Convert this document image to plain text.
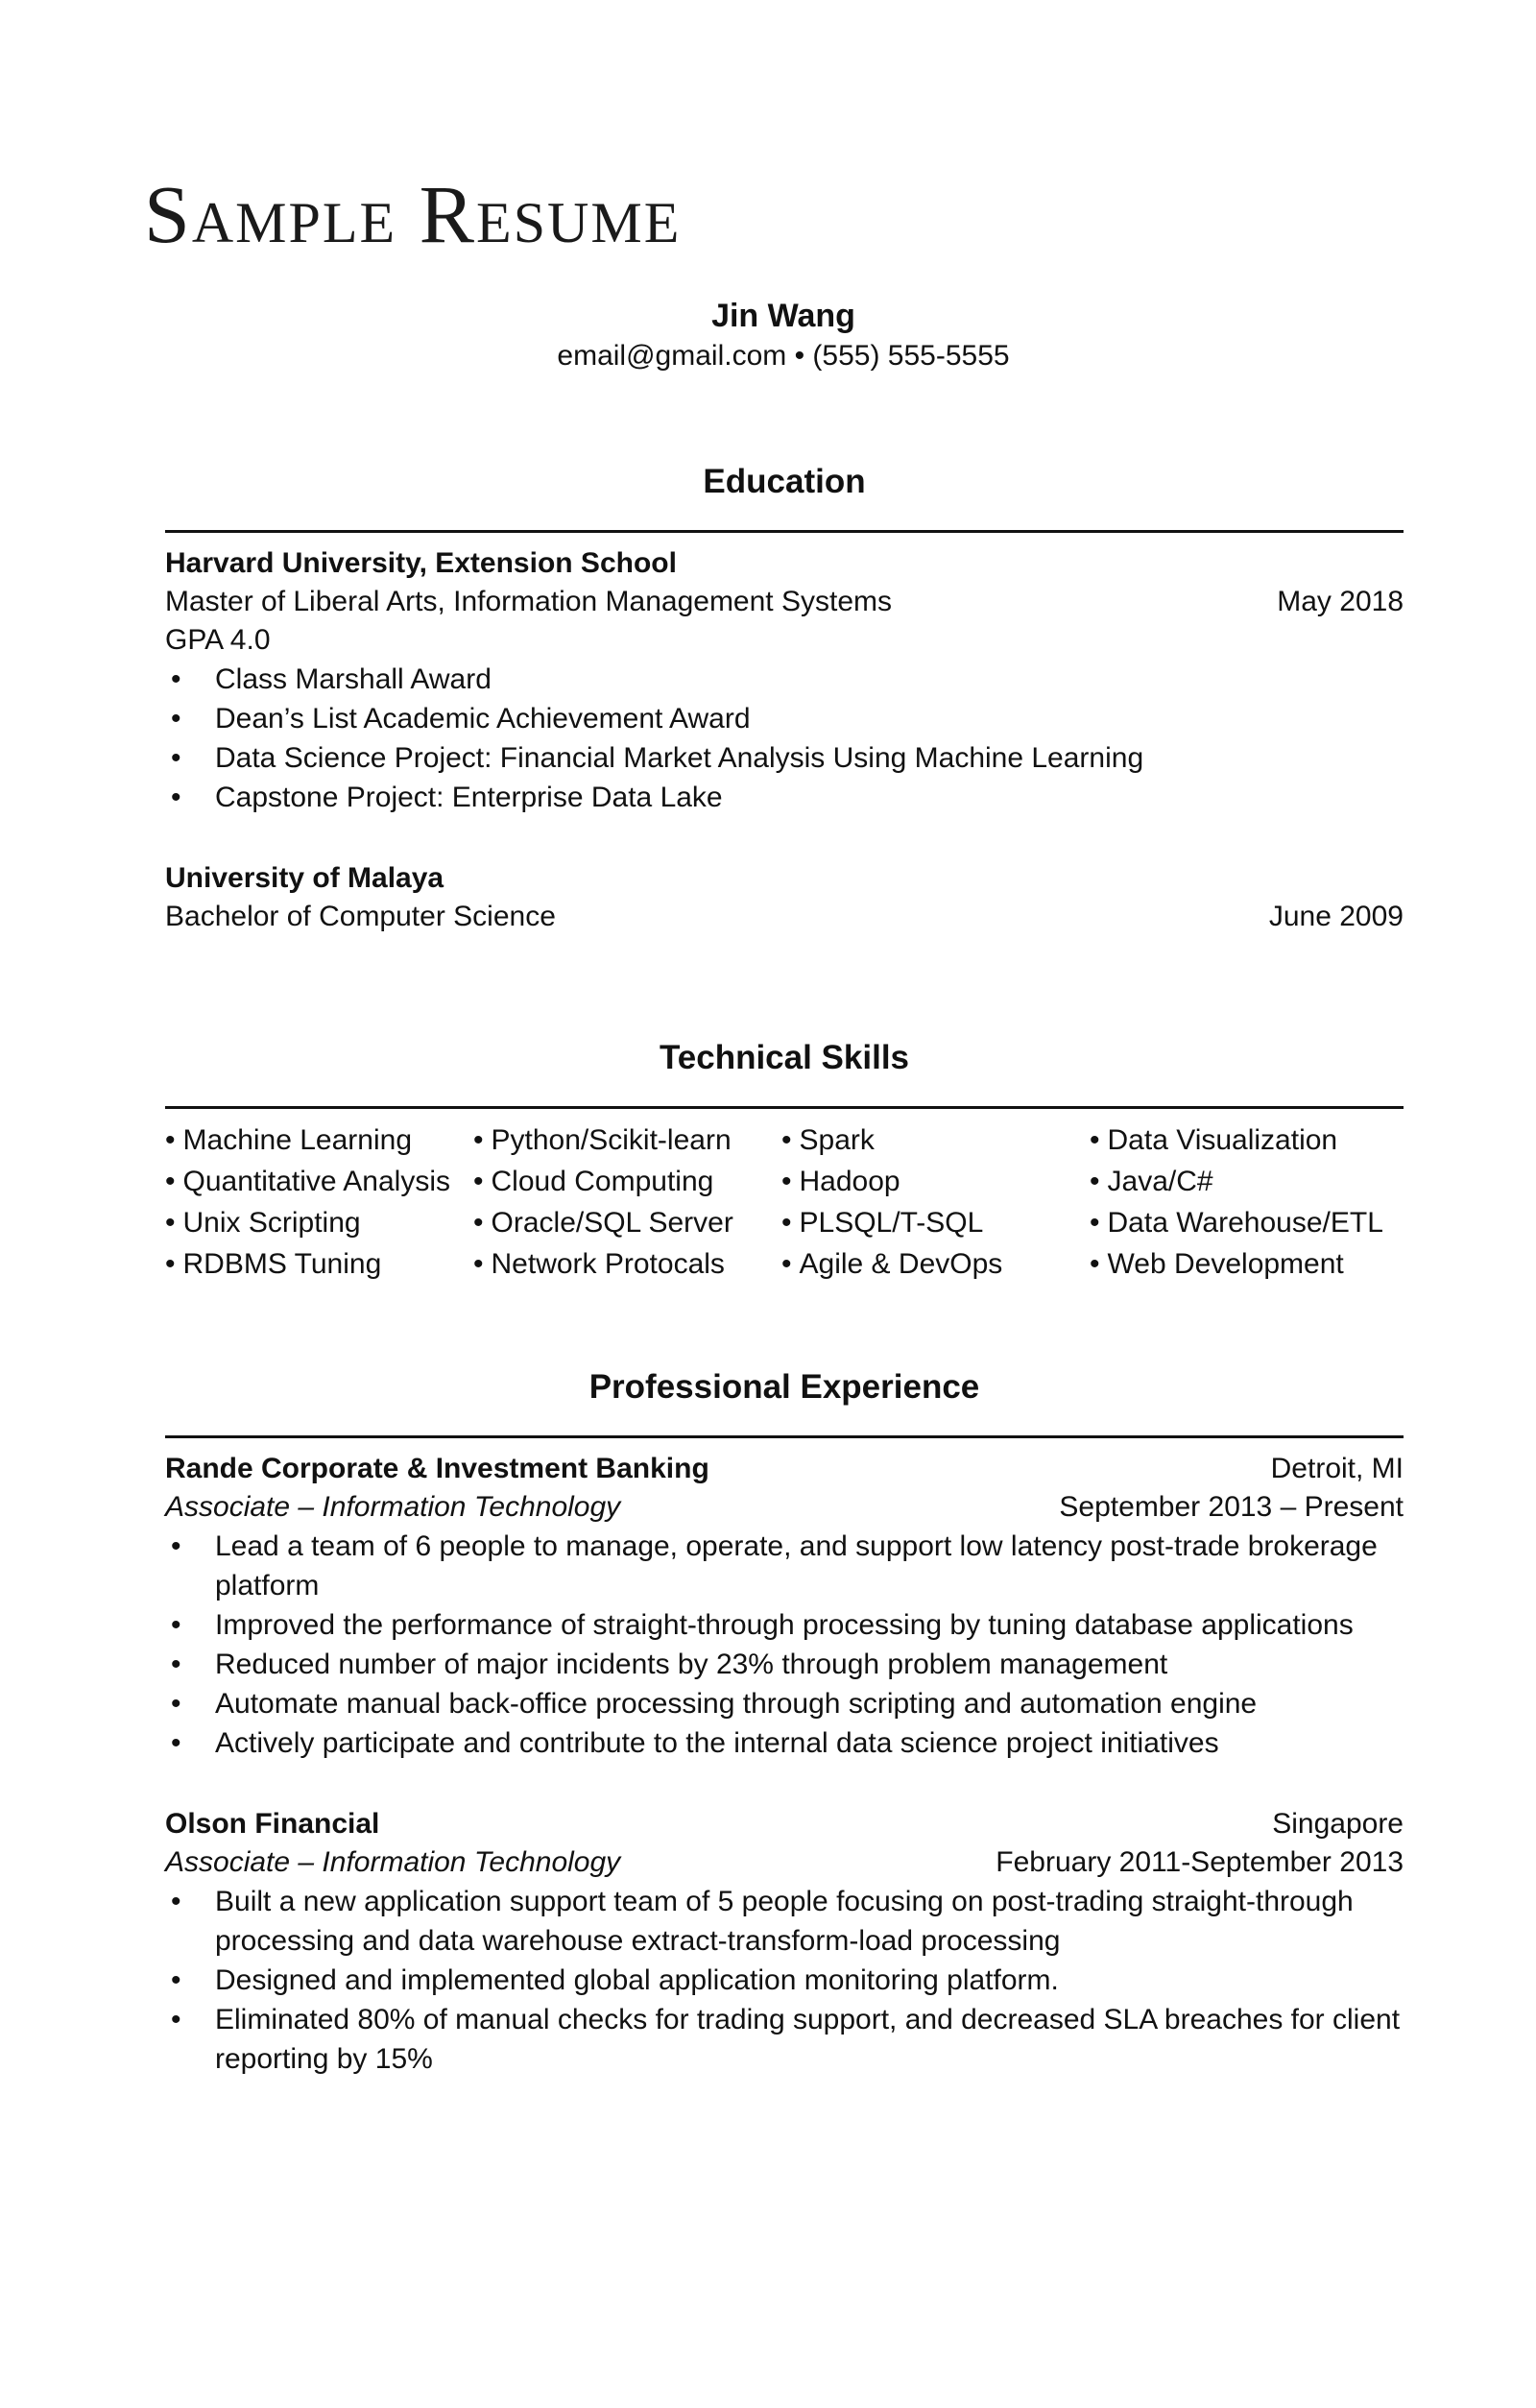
Sample Resume
Jin Wang
email@gmail.com • (555) 555-5555
Education
Harvard University, Extension School
Master of Liberal Arts, Information Management Systems	May 2018
GPA 4.0
• Class Marshall Award
• Dean’s List Academic Achievement Award
• Data Science Project: Financial Market Analysis Using Machine Learning
• Capstone Project: Enterprise Data Lake
University of Malaya
Bachelor of Computer Science	June 2009
Technical Skills
• Machine Learning	• Python/Scikit-learn	• Spark	• Data Visualization
• Quantitative Analysis	• Cloud Computing	• Hadoop	• Java/C#
• Unix Scripting	• Oracle/SQL Server	• PLSQL/T-SQL	• Data Warehouse/ETL
• RDBMS Tuning	• Network Protocals	• Agile & DevOps	• Web Development
Professional Experience
Rande Corporate & Investment Banking	Detroit, MI
Associate – Information Technology	September 2013 – Present
• Lead a team of 6 people to manage, operate, and support low latency post-trade brokerage platform
• Improved the performance of straight-through processing by tuning database applications
• Reduced number of major incidents by 23% through problem management
• Automate manual back-office processing through scripting and automation engine
• Actively participate and contribute to the internal data science project initiatives
Olson Financial	Singapore
Associate – Information Technology	February 2011-September 2013
• Built a new application support team of 5 people focusing on post-trading straight-through processing and data warehouse extract-transform-load processing
• Designed and implemented global application monitoring platform.
• Eliminated 80% of manual checks for trading support, and decreased SLA breaches for client reporting by 15%
